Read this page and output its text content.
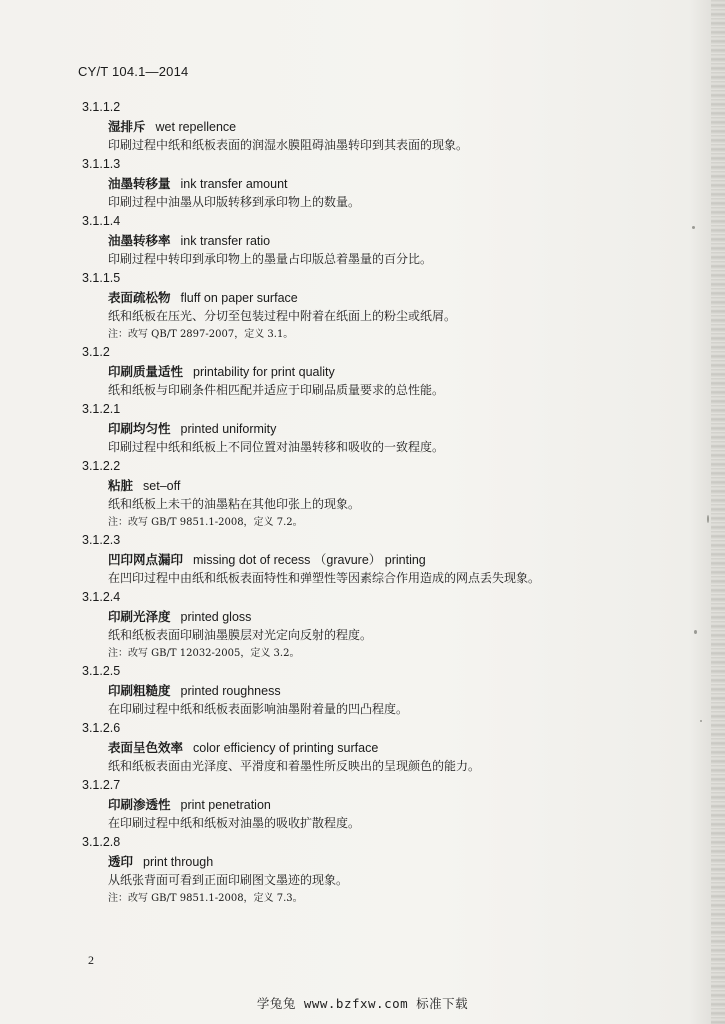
CY/T 104.1—2014
3.1.1.2
湿排斥 wet repellence
印刷过程中纸和纸板表面的润湿水膜阻碍油墨转印到其表面的现象。
3.1.1.3
油墨转移量 ink transfer amount
印刷过程中油墨从印版转移到承印物上的数量。
3.1.1.4
油墨转移率 ink transfer ratio
印刷过程中转印到承印物上的墨量占印版总着墨量的百分比。
3.1.1.5
表面疏松物 fluff on paper surface
纸和纸板在压光、分切至包装过程中附着在纸面上的粉尘或纸屑。
注：改写 QB/T 2897-2007，定义 3.1。
3.1.2
印刷质量适性 printability for print quality
纸和纸板与印刷条件相匹配并适应于印刷品质量要求的总性能。
3.1.2.1
印刷均匀性 printed uniformity
印刷过程中纸和纸板上不同位置对油墨转移和吸收的一致程度。
3.1.2.2
粘脏 set–off
纸和纸板上未干的油墨粘在其他印张上的现象。
注：改写 GB/T 9851.1-2008，定义 7.2。
3.1.2.3
凹印网点漏印 missing dot of recess （gravure） printing
在凹印过程中由纸和纸板表面特性和弹塑性等因素综合作用造成的网点丢失现象。
3.1.2.4
印刷光泽度 printed gloss
纸和纸板表面印刷油墨膜层对光定向反射的程度。
注：改写 GB/T 12032-2005，定义 3.2。
3.1.2.5
印刷粗糙度 printed roughness
在印刷过程中纸和纸板表面影响油墨附着量的凹凸程度。
3.1.2.6
表面呈色效率 color efficiency of printing surface
纸和纸板表面由光泽度、平滑度和着墨性所反映出的呈现颜色的能力。
3.1.2.7
印刷渗透性 print penetration
在印刷过程中纸和纸板对油墨的吸收扩散程度。
3.1.2.8
透印 print through
从纸张背面可看到正面印刷图文墨迹的现象。
注：改写 GB/T 9851.1-2008，定义 7.3。
2
学兔兔 www.bzfxw.com 标准下载
